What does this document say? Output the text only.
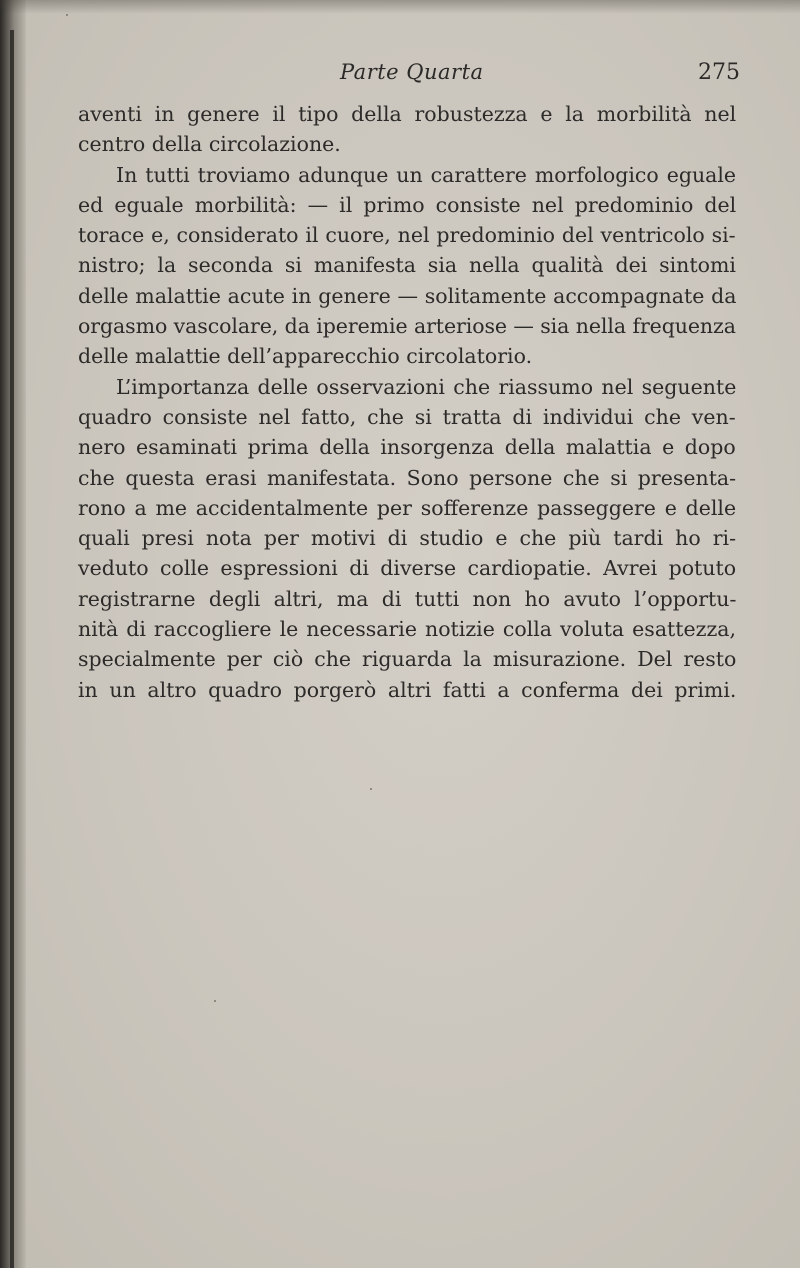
Parte Quarta	275
aventi in genere il tipo della robustezza e la morbilità nel
centro della circolazione.
In tutti troviamo adunque un carattere morfologico eguale
ed eguale morbilità: — il primo consiste nel predominio del
torace e, considerato il cuore, nel predominio del ventricolo si-
nistro; la seconda si manifesta sia nella qualità dei sintomi
delle malattie acute in genere — solitamente accompagnate da
orgasmo vascolare, da iperemie arteriose — sia nella frequenza
delle malattie dell’apparecchio circolatorio.
L’importanza delle osservazioni che riassumo nel seguente
quadro consiste nel fatto, che si tratta di individui che ven-
nero esaminati prima della insorgenza della malattia e dopo
che questa erasi manifestata. Sono persone che si presenta-
rono a me accidentalmente per sofferenze passeggere e delle
quali presi nota per motivi di studio e che più tardi ho ri-
veduto colle espressioni di diverse cardiopatie. Avrei potuto
registrarne degli altri, ma di tutti non ho avuto l’opportu-
nità di raccogliere le necessarie notizie colla voluta esattezza,
specialmente per ciò che riguarda la misurazione. Del resto
in un altro quadro porgerò altri fatti a conferma dei primi.
